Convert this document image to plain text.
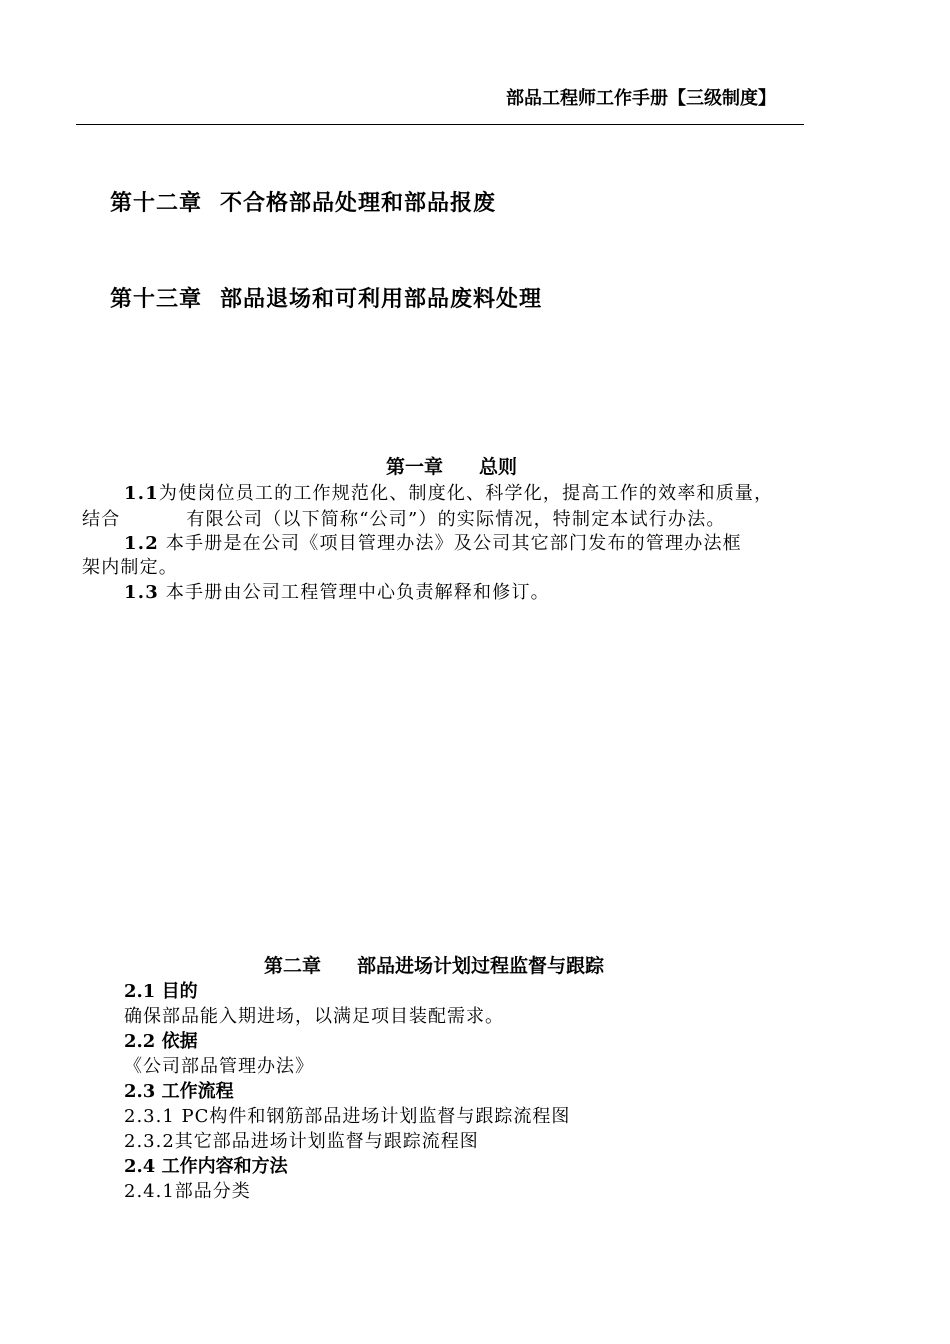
部品工程师工作手册【三级制度】
第十二章 不合格部品处理和部品报废
第十三章 部品退场和可利用部品废料处理
第一章 总则
1.1为使岗位员工的工作规范化、制度化、科学化，提高工作的效率和质量，
结合	有限公司（以下简称“公司”）的实际情况，特制定本试行办法。
1.2 本手册是在公司《项目管理办法》及公司其它部门发布的管理办法框
架内制定。
1.3 本手册由公司工程管理中心负责解释和修订。
第二章 部品进场计划过程监督与跟踪
2.1 目的
确保部品能入期进场，以满足项目装配需求。
2.2 依据
《公司部品管理办法》
2.3 工作流程
2.3.1 PC构件和钢筋部品进场计划监督与跟踪流程图
2.3.2其它部品进场计划监督与跟踪流程图
2.4 工作内容和方法
2.4.1部品分类
